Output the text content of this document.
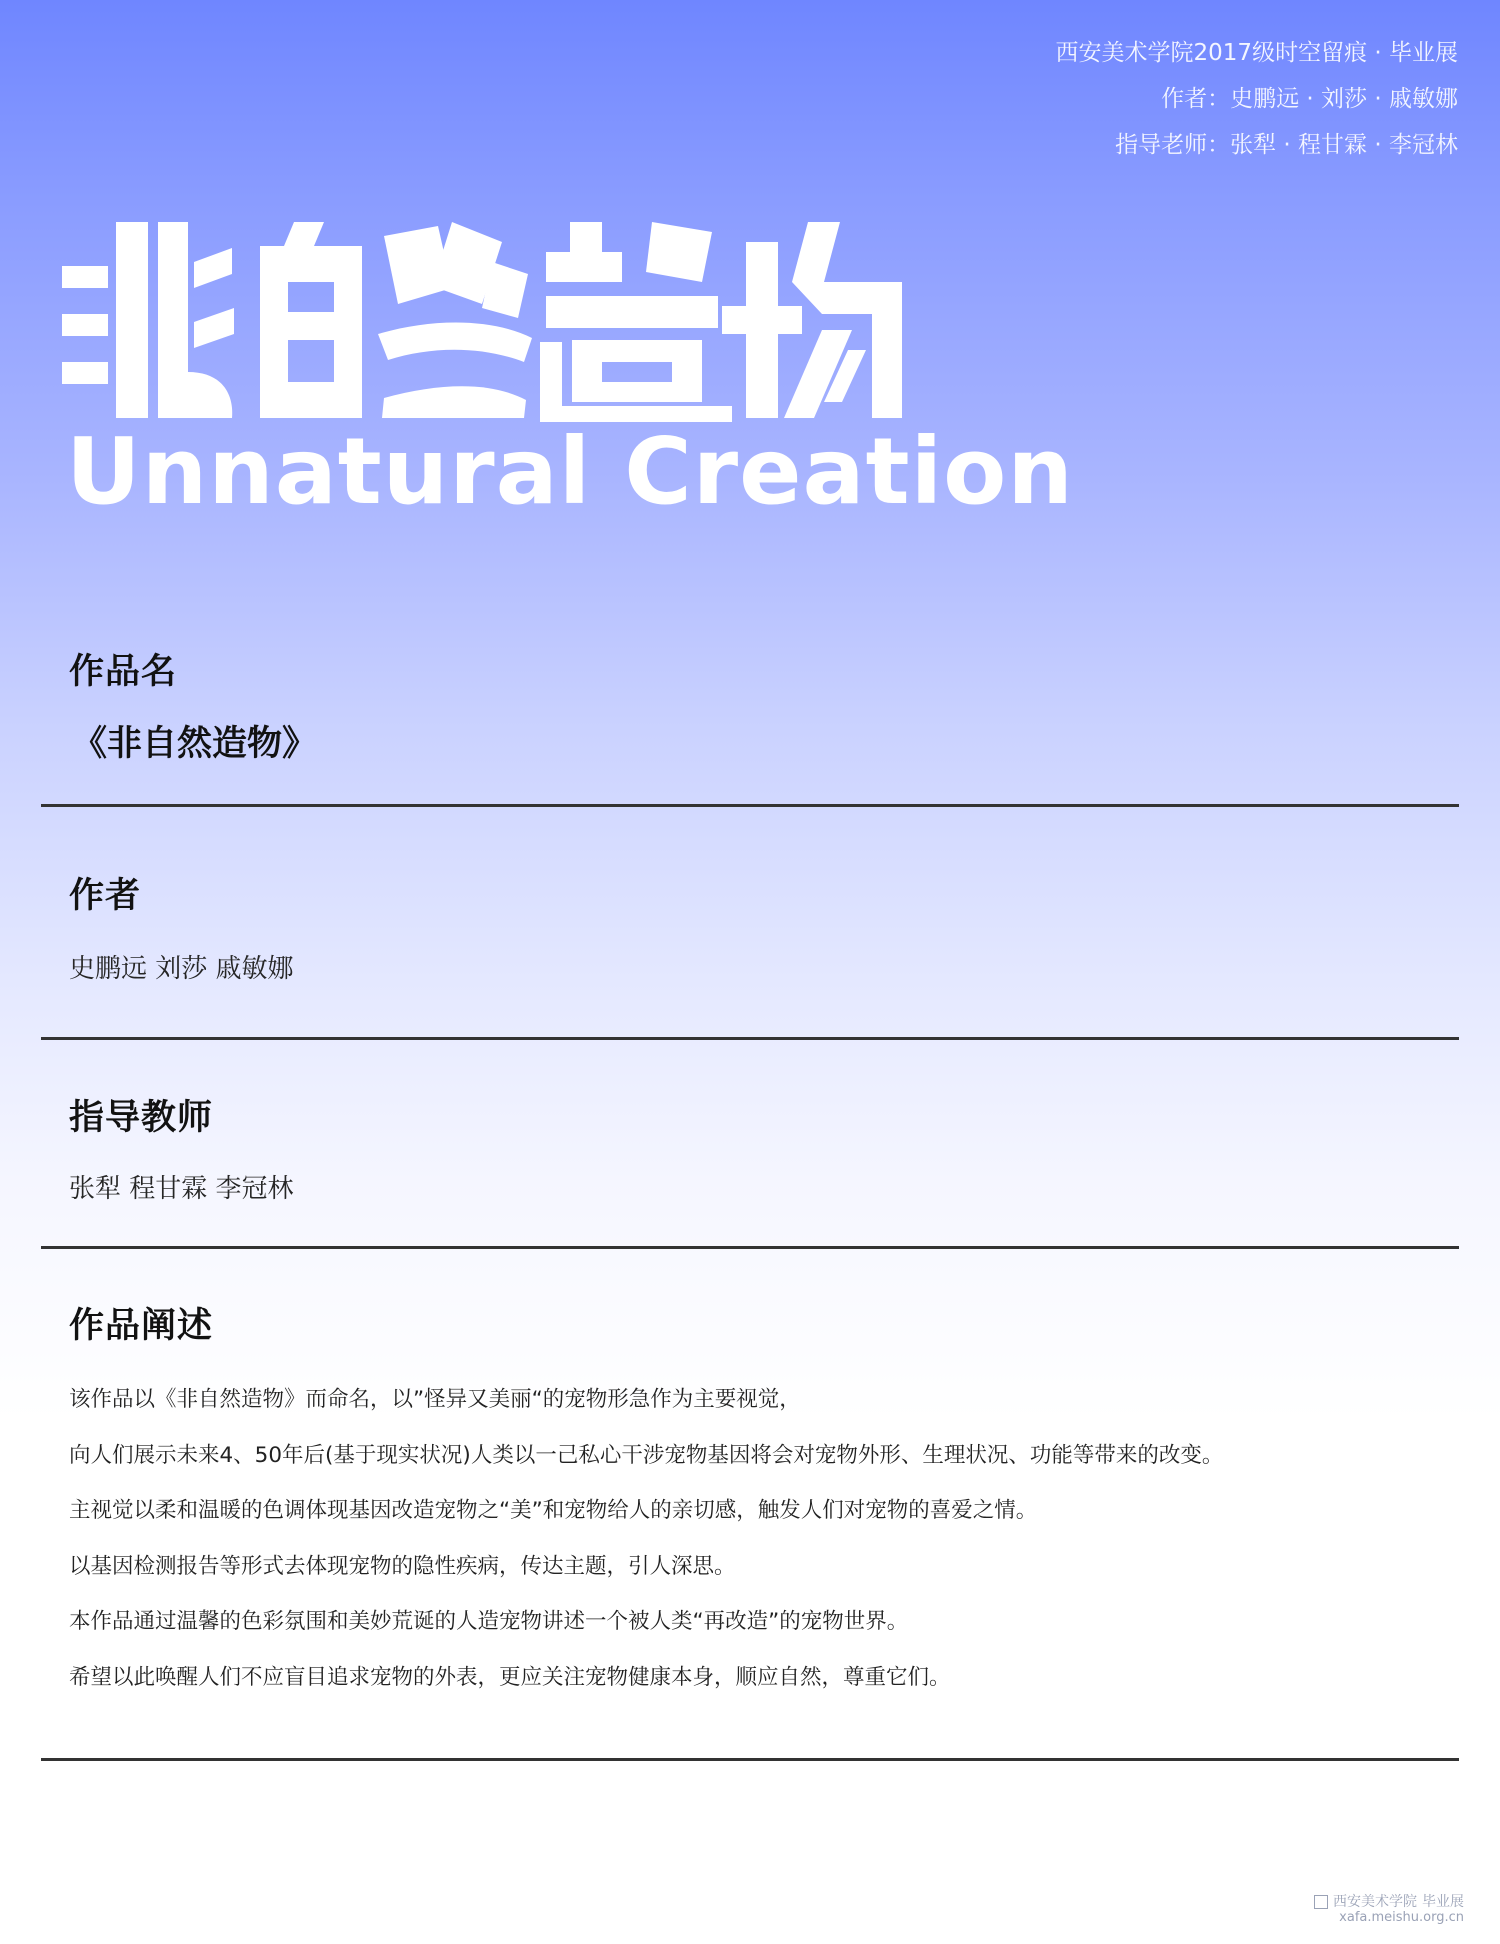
西安美术学院2017级时空留痕 · 毕业展
作者：史鹏远 · 刘莎 · 戚敏娜
指导老师：张犁 · 程甘霖 · 李冠林
Unnatural Creation
作品名
《非自然造物》
作者
史鹏远 刘莎 戚敏娜
指导教师
张犁 程甘霖 李冠林
作品阐述

该作品以《非自然造物》而命名，以”怪异又美丽“的宠物形急作为主要视觉，

向人们展示未来4、50年后(基于现实状况)人类以一己私心干涉宠物基因将会对宠物外形、生理状况、功能等带来的改变。

主视觉以柔和温暖的色调体现基因改造宠物之“美”和宠物给人的亲切感，触发人们对宠物的喜爱之情。

以基因检测报告等形式去体现宠物的隐性疾病，传达主题，引人深思。

本作品通过温馨的色彩氛围和美妙荒诞的人造宠物讲述一个被人类“再改造”的宠物世界。

希望以此唤醒人们不应盲目追求宠物的外表，更应关注宠物健康本身，顺应自然，尊重它们。

西安美术学院 毕业展
xafa.meishu.org.cn
